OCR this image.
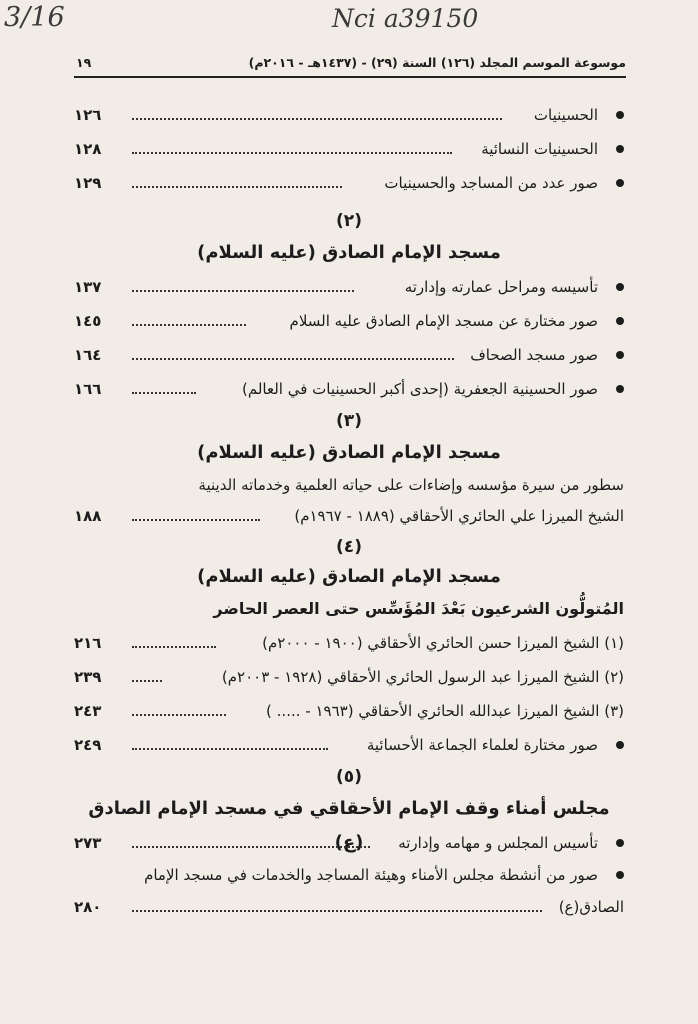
3/16	Nci a39150
موسوعة الموسم المجلد (١٢٦) السنة (٢٩) - (١٤٣٧هـ - ٢٠١٦م)
١٩
الحسينيات
١٢٦
الحسينيات النسائية
١٢٨
صور عدد من المساجد والحسينيات
١٢٩
(٢)
مسجد الإمام الصادق (عليه السلام)
تأسيسه ومراحل عمارته وإدارته
١٣٧
صور مختارة عن مسجد الإمام الصادق عليه السلام
١٤٥
صور مسجد الصحاف
١٦٤
صور الحسينية الجعفرية (إحدى أكبر الحسينيات في العالم)
١٦٦
(٣)
مسجد الإمام الصادق (عليه السلام)
سطور من سيرة مؤسسه وإضاءات على حياته العلمية وخدماته الدينية
الشيخ الميرزا علي الحائري الأحقاقي (١٨٨٩ - ١٩٦٧م)
١٨٨
(٤)
مسجد الإمام الصادق (عليه السلام)
المُتولُّون الشرعيون بَعْدَ المُؤَسِّس حتى العصر الحاضر
(١) الشيخ الميرزا حسن الحائري الأحقاقي (١٩٠٠ - ٢٠٠٠م)
٢١٦
(٢) الشيخ الميرزا عبد الرسول الحائري الأحقاقي (١٩٢٨ - ٢٠٠٣م)
٢٣٩
(٣) الشيخ الميرزا عبدالله الحائري الأحقاقي (١٩٦٣ - ..... )
٢٤٣
صور مختارة لعلماء الجماعة الأحسائية
٢٤٩
(٥)
مجلس أمناء وقف الإمام الأحقاقي في مسجد الإمام الصادق (ع)	تأسيس المجلس و مهامه وإدارته
٢٧٣
صور من أنشطة مجلس الأمناء وهيئة المساجد والخدمات في مسجد الإمام
الصادق(ع)
٢٨٠
